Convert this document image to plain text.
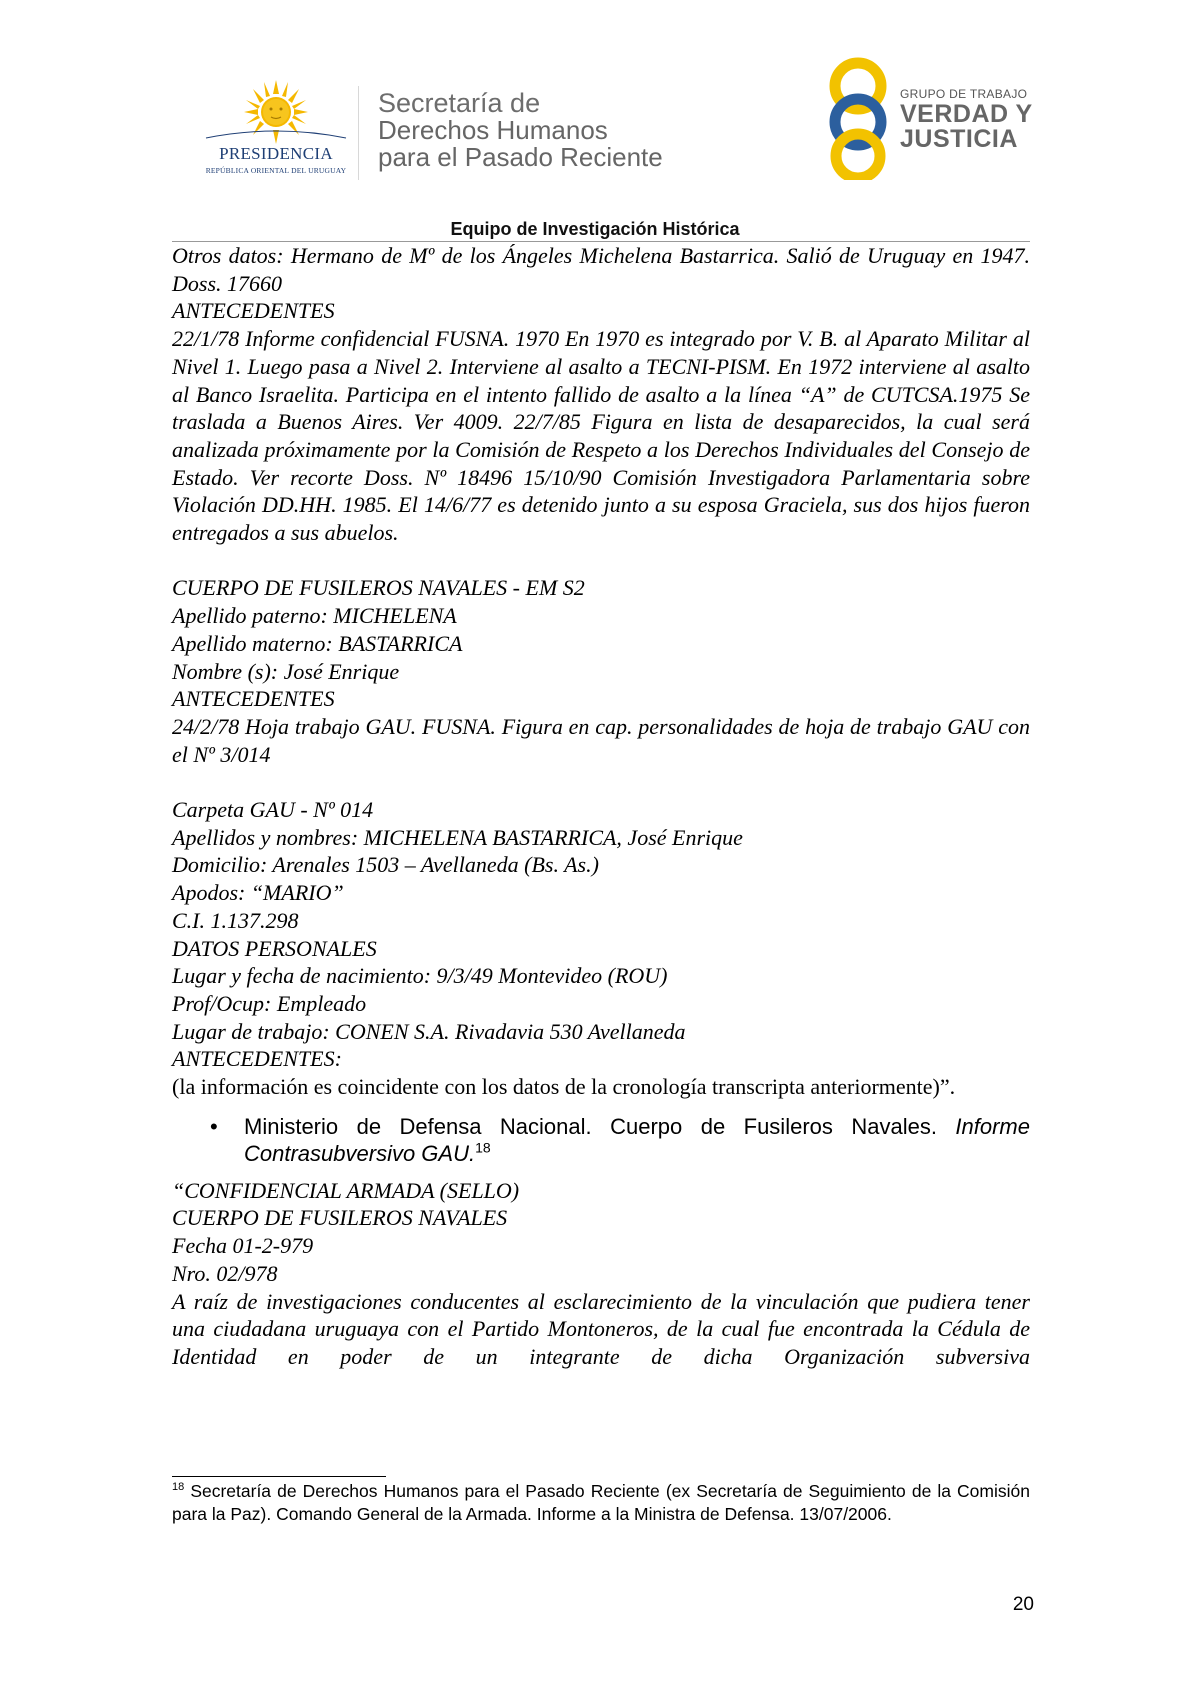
PRESIDENCIA
REPÚBLICA ORIENTAL DEL URUGUAY
Secretaría de
Derechos Humanos
para el Pasado Reciente
GRUPO DE TRABAJO
VERDAD Y
JUSTICIA
Equipo de Investigación Histórica

Otros datos: Hermano de Mº de los Ángeles Michelena Bastarrica. Salió de Uruguay en 1947. Doss. 17660

ANTECEDENTES

22/1/78 Informe confidencial FUSNA. 1970 En 1970 es integrado por V. B. al Aparato Militar al Nivel 1. Luego pasa a Nivel 2. Interviene al asalto a TECNI-PISM. En 1972 interviene al asalto al Banco Israelita. Participa en el intento fallido de asalto a la línea “A” de CUTCSA.1975 Se traslada a Buenos Aires. Ver 4009. 22/7/85 Figura en lista de desaparecidos, la cual será analizada próximamente por la Comisión de Respeto a los Derechos Individuales del Consejo de Estado. Ver recorte Doss. Nº 18496 15/10/90 Comisión Investigadora Parlamentaria sobre Violación DD.HH. 1985. El 14/6/77 es detenido junto a su esposa Graciela, sus dos hijos fueron entregados a sus abuelos.

CUERPO DE FUSILEROS NAVALES - EM S2

Apellido paterno: MICHELENA

Apellido materno: BASTARRICA

Nombre (s): José Enrique

ANTECEDENTES

24/2/78 Hoja trabajo GAU. FUSNA. Figura en cap. personalidades de hoja de trabajo GAU con el Nº 3/014

Carpeta GAU - Nº 014

Apellidos y nombres: MICHELENA BASTARRICA, José Enrique

Domicilio: Arenales 1503 – Avellaneda (Bs. As.)

Apodos: “MARIO”

C.I. 1.137.298

DATOS PERSONALES

Lugar y fecha de nacimiento: 9/3/49 Montevideo (ROU)

Prof/Ocup: Empleado

Lugar de trabajo: CONEN S.A. Rivadavia 530 Avellaneda

ANTECEDENTES:

(la información es coincidente con los datos de la cronología transcripta anteriormente)”.

• Ministerio de Defensa Nacional. Cuerpo de Fusileros Navales. Informe Contrasubversivo GAU.$^{18}$

“CONFIDENCIAL ARMADA (SELLO)

CUERPO DE FUSILEROS NAVALES

Fecha 01-2-979

Nro. 02/978

A raíz de investigaciones conducentes al esclarecimiento de la vinculación que pudiera tener una ciudadana uruguaya con el Partido Montoneros, de la cual fue encontrada la Cédula de Identidad en poder de un integrante de dicha Organización subversiva

$^{18}$ Secretaría de Derechos Humanos para el Pasado Reciente (ex Secretaría de Seguimiento de la Comisión para la Paz). Comando General de la Armada. Informe a la Ministra de Defensa. 13/07/2006.
20
